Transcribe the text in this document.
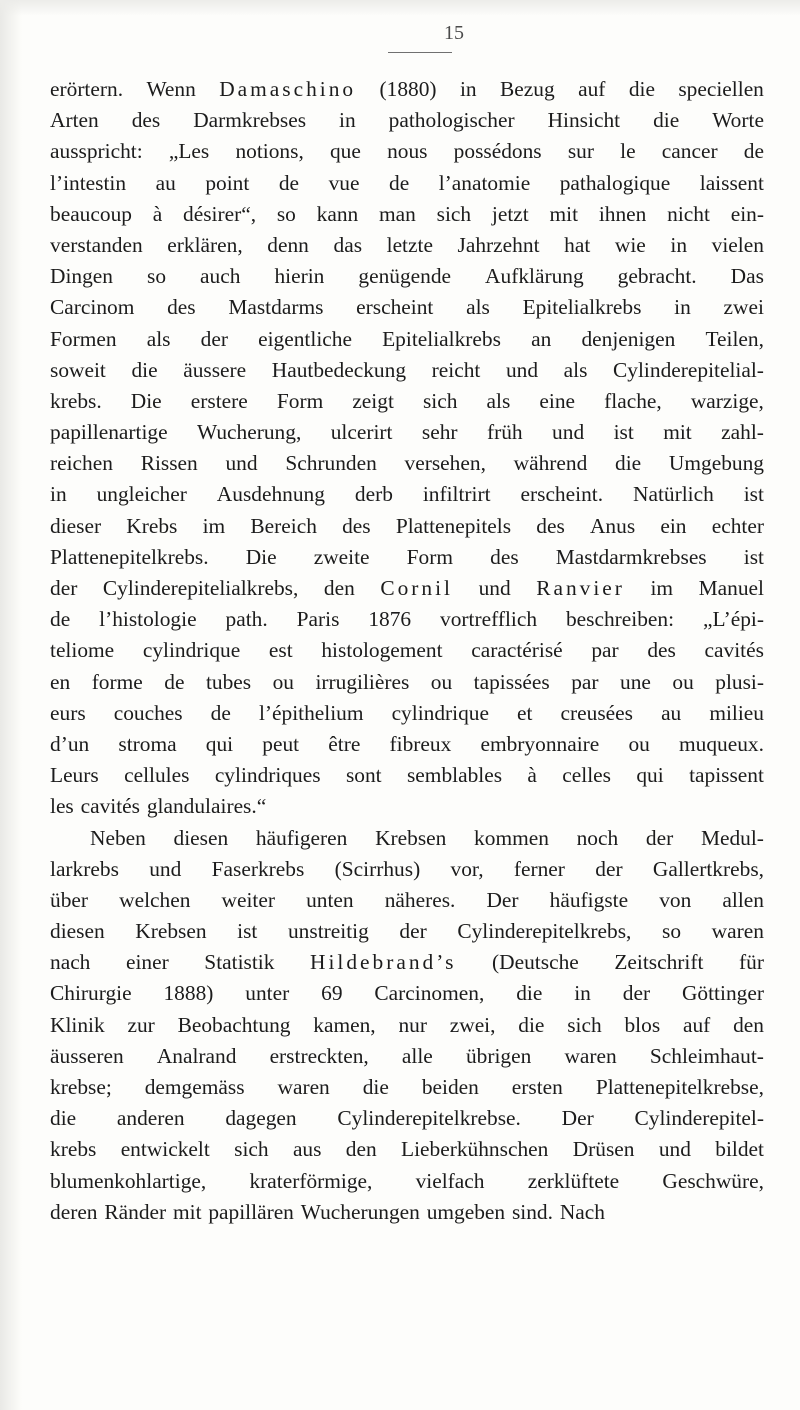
15
erörtern. Wenn Damaschino (1880) in Bezug auf die speciellen
Arten des Darmkrebses in pathologischer Hinsicht die Worte
ausspricht: „Les notions, que nous possédons sur le cancer de
l’intestin au point de vue de l’anatomie pathalogique laissent
beaucoup à désirer“, so kann man sich jetzt mit ihnen nicht ein-
verstanden erklären, denn das letzte Jahrzehnt hat wie in vielen
Dingen so auch hierin genügende Aufklärung gebracht. Das
Carcinom des Mastdarms erscheint als Epitelialkrebs in zwei
Formen als der eigentliche Epitelialkrebs an denjenigen Teilen,
soweit die äussere Hautbedeckung reicht und als Cylinderepitelial-
krebs. Die erstere Form zeigt sich als eine flache, warzige,
papillenartige Wucherung, ulcerirt sehr früh und ist mit zahl-
reichen Rissen und Schrunden versehen, während die Umgebung
in ungleicher Ausdehnung derb infiltrirt erscheint. Natürlich ist
dieser Krebs im Bereich des Plattenepitels des Anus ein echter
Plattenepitelkrebs. Die zweite Form des Mastdarmkrebses ist
der Cylinderepitelialkrebs, den Cornil und Ranvier im Manuel
de l’histologie path. Paris 1876 vortrefflich beschreiben: „L’épi-
teliome cylindrique est histologement caractérisé par des cavités
en forme de tubes ou irrugilières ou tapissées par une ou plusi-
eurs couches de l’épithelium cylindrique et creusées au milieu
d’un stroma qui peut être fibreux embryonnaire ou muqueux.
Leurs cellules cylindriques sont semblables à celles qui tapissent
les cavités glandulaires.“
Neben diesen häufigeren Krebsen kommen noch der Medul-
larkrebs und Faserkrebs (Scirrhus) vor, ferner der Gallertkrebs,
über welchen weiter unten näheres. Der häufigste von allen
diesen Krebsen ist unstreitig der Cylinderepitelkrebs, so waren
nach einer Statistik Hildebrand’s (Deutsche Zeitschrift für
Chirurgie 1888) unter 69 Carcinomen, die in der Göttinger
Klinik zur Beobachtung kamen, nur zwei, die sich blos auf den
äusseren Analrand erstreckten, alle übrigen waren Schleimhaut-
krebse; demgemäss waren die beiden ersten Plattenepitelkrebse,
die anderen dagegen Cylinderepitelkrebse. Der Cylinderepitel-
krebs entwickelt sich aus den Lieberkühnschen Drüsen und bildet
blumenkohlartige, kraterförmige, vielfach zerklüftete Geschwüre,
deren Ränder mit papillären Wucherungen umgeben sind. Nach
